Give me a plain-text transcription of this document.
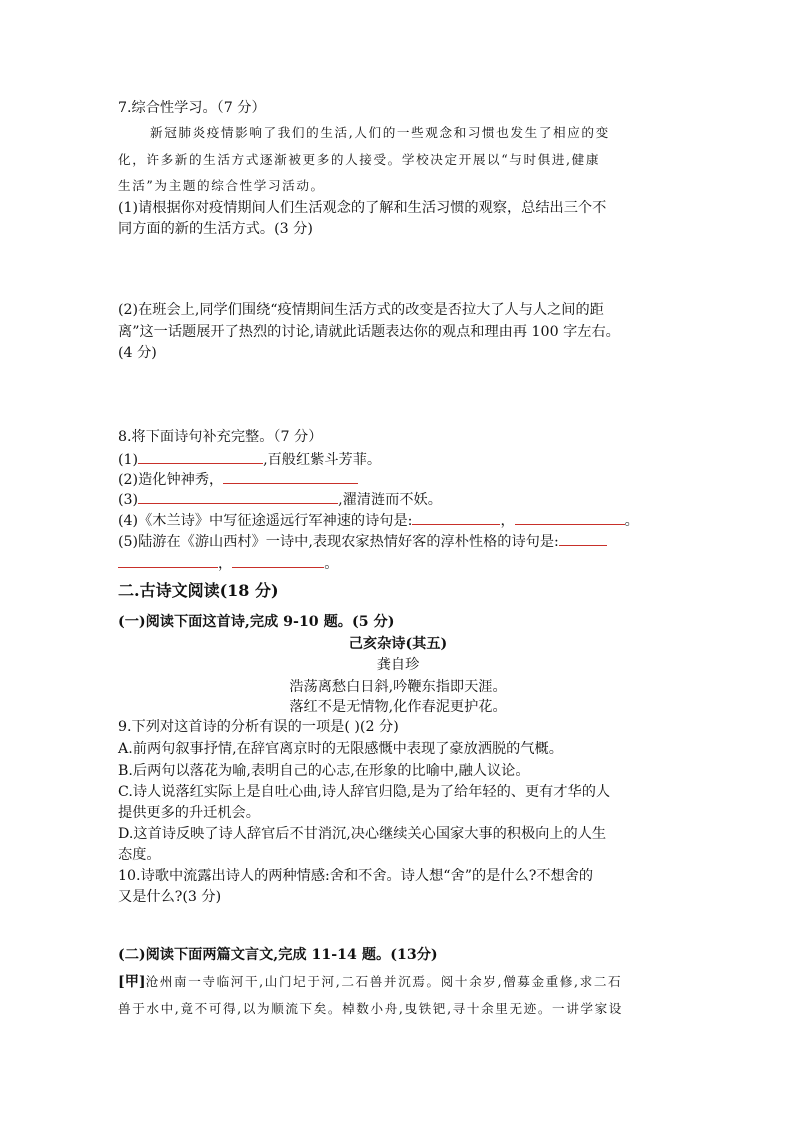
7.综合性学习。（7 分）
新冠肺炎疫情影响了我们的生活,人们的一些观念和习惯也发生了相应的变
化，许多新的生活方式逐渐被更多的人接受。学校决定开展以“与时俱进,健康
生活”为主题的综合性学习活动。
(1)请根据你对疫情期间人们生活观念的了解和生活习惯的观察，总结出三个不
同方面的新的生活方式。(3 分)
(2)在班会上,同学们围绕“疫情期间生活方式的改变是否拉大了人与人之间的距
离”这一话题展开了热烈的讨论,请就此话题表达你的观点和理由再 100 字左右。
(4 分)
8.将下面诗句补充完整。（7 分）
(1)	,百般红紫斗芳菲。
(2)造化钟神秀，
(3)	,濯清涟而不妖。
(4)《木兰诗》中写征途遥远行军神速的诗句是:	，	。
(5)陆游在《游山西村》一诗中,表现农家热情好客的淳朴性格的诗句是:
，	。
二.古诗文阅读(18 分)
(一)阅读下面这首诗,完成 9-10 题。(5 分)
己亥杂诗(其五)
龚自珍
浩荡离愁白日斜,吟鞭东指即天涯。
落红不是无情物,化作春泥更护花。
9.下列对这首诗的分析有误的一项是( )(2 分)
A.前两句叙事抒情,在辞官离京时的无限感慨中表现了豪放洒脱的气概。
B.后两句以落花为喻,表明自己的心志,在形象的比喻中,融人议论。
C.诗人说落红实际上是自吐心曲,诗人辞官归隐,是为了给年轻的、更有才华的人
提供更多的升迁机会。
D.这首诗反映了诗人辞官后不甘消沉,决心继续关心国家大事的积极向上的人生
态度。
10.诗歌中流露出诗人的两种情感:舍和不舍。诗人想“舍”的是什么?不想舍的
又是什么?(3 分)
(二)阅读下面两篇文言文,完成 11-14 题。(13分)
[甲]沧州南一寺临河干,山门圮于河,二石兽并沉焉。阅十余岁,僧募金重修,求二石
兽于水中,竟不可得,以为顺流下矣。棹数小舟,曳铁钯,寻十余里无迹。一讲学家设
